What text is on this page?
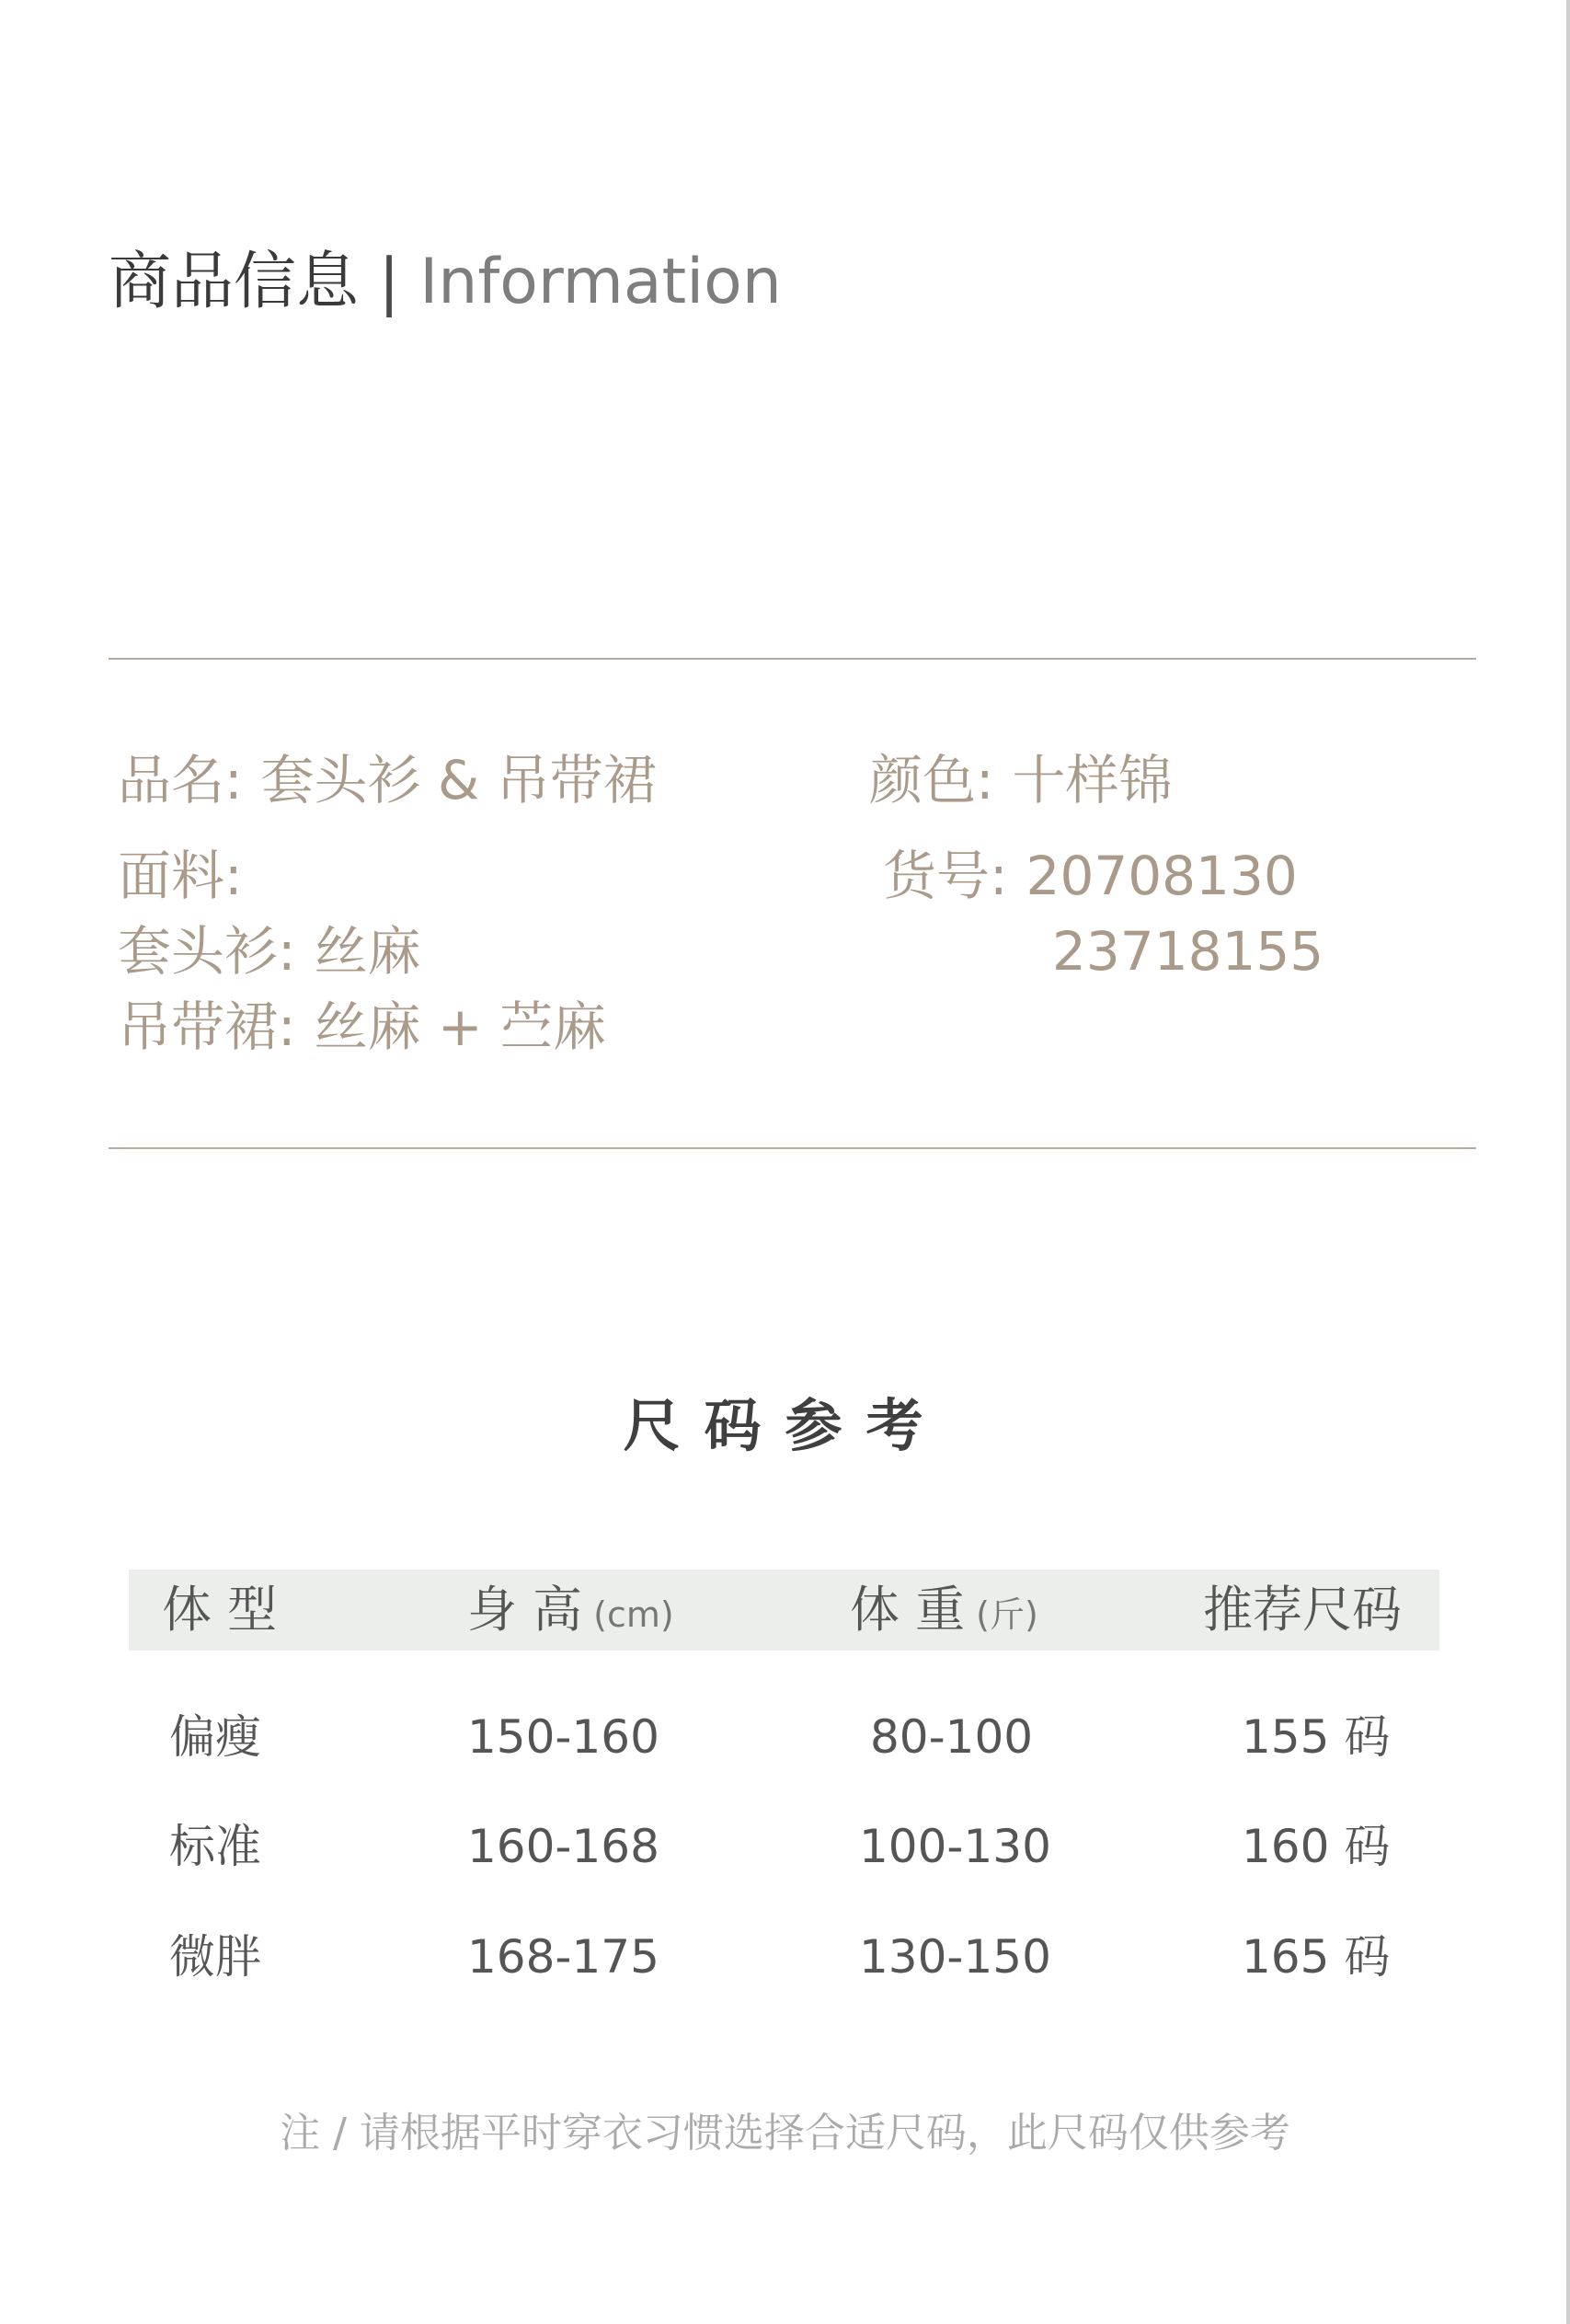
商品信息 | Information
品名: 套头衫 & 吊带裙	颜色: 十样锦
面料:	货号: 20708130
23718155
套头衫: 丝麻
吊带裙: 丝麻 + 苎麻
尺码参考
体 型	身 高 (cm)	体 重 (斤)	推荐尺码
偏瘦	150-160	80-100	155 码
标准	160-168	100-130	160 码
微胖	168-175	130-150	165 码
注 / 请根据平时穿衣习惯选择合适尺码，此尺码仅供参考
